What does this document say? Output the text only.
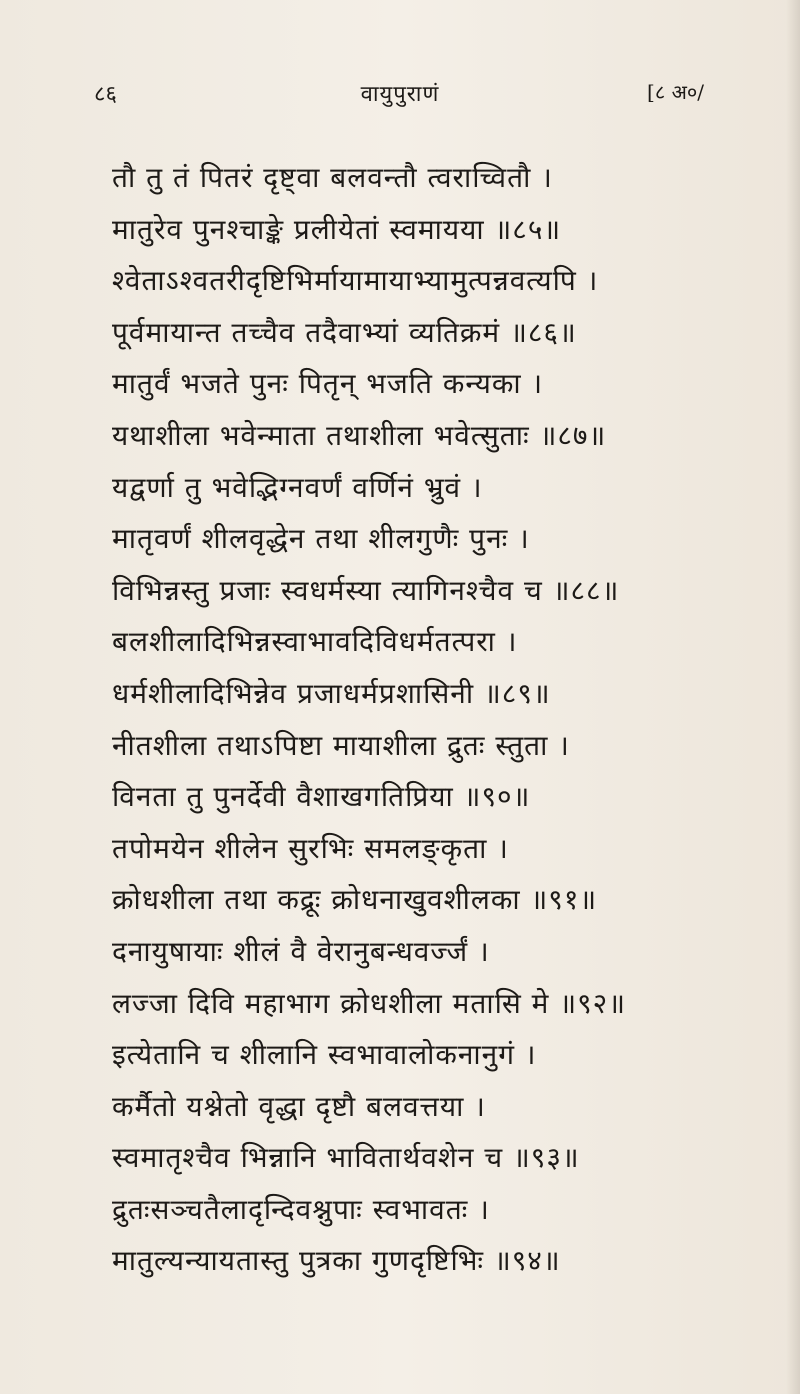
८६	वायुपुराणं	[८ अ०/
तौ तु तं पितरं दृष्ट्वा बलवन्तौ त्वराच्वितौ ।
मातुरेव पुनश्चाङ्के प्रलीयेतां स्वमायया ॥८५॥
श्वेताऽश्वतरीदृष्टिभिर्मायामायाभ्यामुत्पन्नवत्यपि ।
पूर्वमायान्त तच्चैव तदैवाभ्यां व्यतिक्रमं ॥८६॥
मातुर्वं भजते पुनः पितृन् भजति कन्यका ।
यथाशीला भवेन्माता तथाशीला भवेत्सुताः ॥८७॥
यद्वर्णा तु भवेद्भिग्नवर्णं वर्णिनं भ्रुवं ।
मातृवर्णं शीलवृद्धेन तथा शीलगुणैः पुनः ।
विभिन्नस्तु प्रजाः स्वधर्मस्या त्यागिनश्चैव च ॥८८॥
बलशीलादिभिन्नस्वाभावदिविधर्मतत्परा ।
धर्मशीलादिभिन्नेव प्रजाधर्मप्रशासिनी ॥८९॥
नीतशीला तथाऽपिष्टा मायाशीला द्रुतः स्तुता ।
विनता तु पुनर्देवी वैशाखगतिप्रिया ॥९०॥
तपोमयेन शीलेन सुरभिः समलङ्कृता ।
क्रोधशीला तथा कद्रूः क्रोधनाखुवशीलका ॥९१॥
दनायुषायाः शीलं वै वेरानुबन्धवर्ज्जं ।
लज्जा दिवि महाभाग क्रोधशीला मतासि मे ॥९२॥
इत्येतानि च शीलानि स्वभावालोकनानुगं ।
कर्मैतो यश्नेतो वृद्धा दृष्टौ बलवत्तया ।
स्वमातृश्चैव भिन्नानि भावितार्थवशेन च ॥९३॥
द्रुतःसञ्चतैलादृन्दिवश्नुपाः स्वभावतः ।
मातुल्यन्यायतास्तु पुत्रका गुणदृष्टिभिः ॥९४॥
